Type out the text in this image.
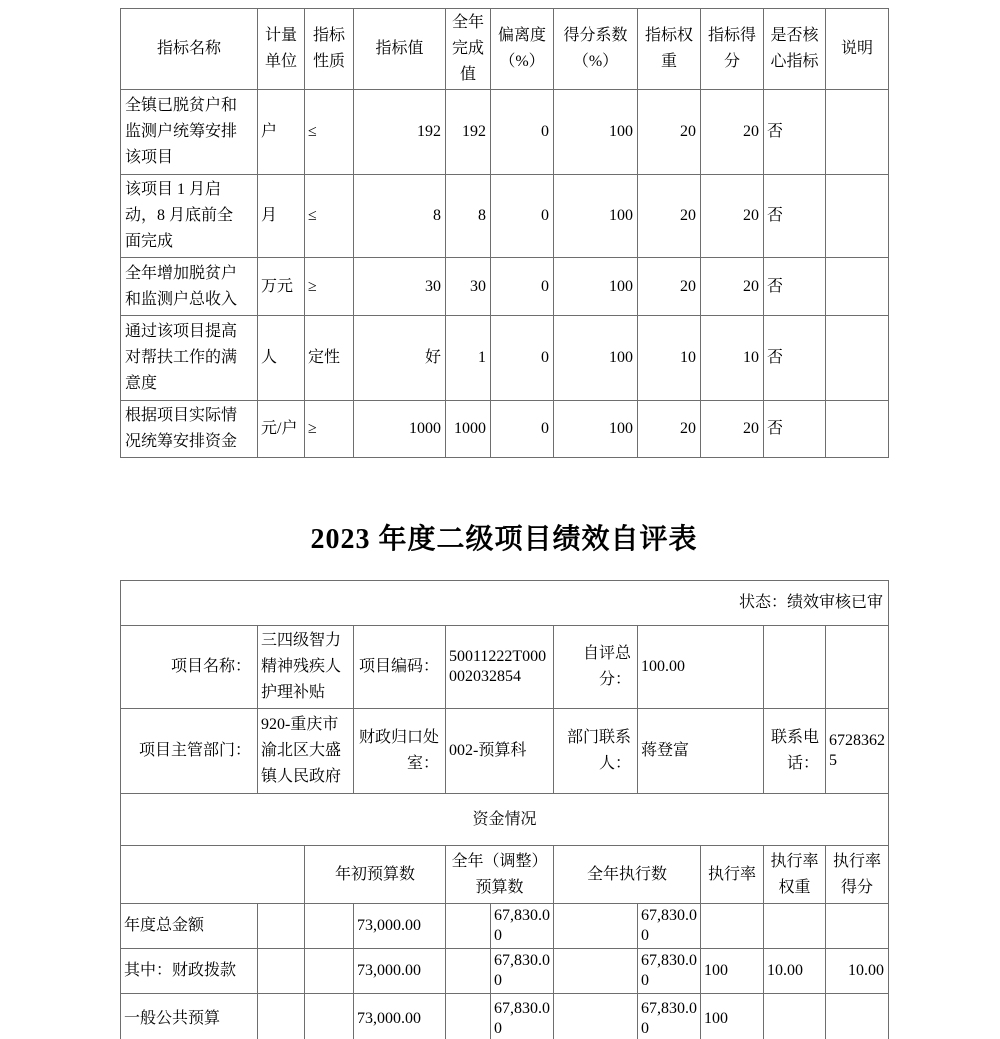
指标名称	计量单位	指标性质	指标值	全年完成值	偏离度（%）	得分系数（%）	指标权重	指标得分	是否核心指标	说明
全镇已脱贫户和监测户统筹安排该项目	户	≤	192	192	0	100	20	20	否	
该项目 1 月启动，8 月底前全面完成	月	≤	8	8	0	100	20	20	否	
全年增加脱贫户和监测户总收入	万元	≥	30	30	0	100	20	20	否	
通过该项目提高对帮扶工作的满意度	人	定性	好	1	0	100	10	10	否	
根据项目实际情况统筹安排资金	元/户	≥	1000	1000	0	100	20	20	否	
2023 年度二级项目绩效自评表
状态：绩效审核已审										
项目名称：	三四级智力精神残疾人护理补贴		项目编码：	50011222T000002032854		自评总分：	100.00			
项目主管部门：	920-重庆市渝北区大盛镇人民政府		财政归口处室：	002-预算科		部门联系人：	蒋登富		联系电话：	67283625
资金情况										
		年初预算数		全年（调整）预算数		全年执行数		执行率	执行率权重	执行率得分
年度总金额			73,000.00		67,830.00		67,830.00			
其中：财政拨款			73,000.00		67,830.00		67,830.00	100	10.00	10.00
一般公共预算			73,000.00		67,830.00		67,830.00	100		
